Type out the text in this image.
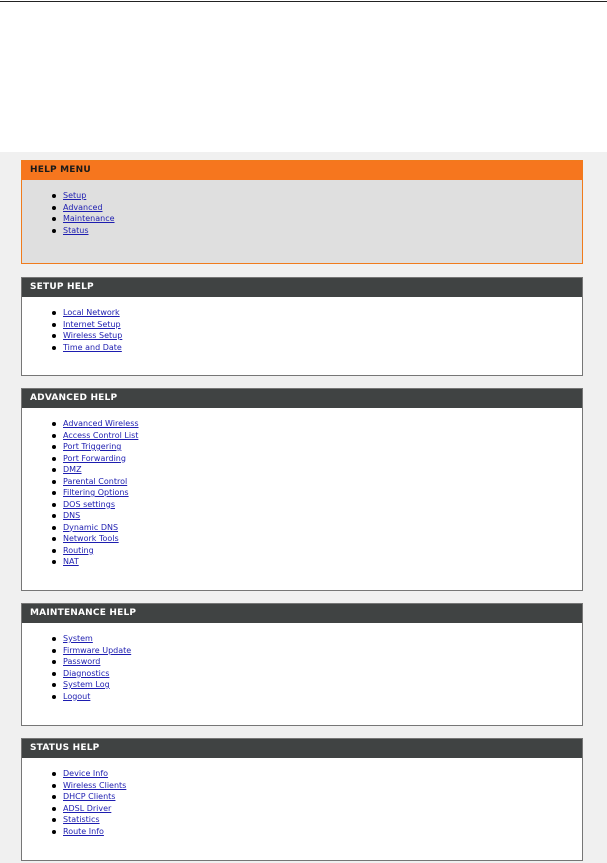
HELP MENU
Setup
Advanced
Maintenance
Status
SETUP HELP
Local Network
Internet Setup
Wireless Setup
Time and Date
ADVANCED HELP
Advanced Wireless
Access Control List
Port Triggering
Port Forwarding
DMZ
Parental Control
Filtering Options
DOS settings
DNS
Dynamic DNS
Network Tools
Routing
NAT
MAINTENANCE HELP
System
Firmware Update
Password
Diagnostics
System Log
Logout
STATUS HELP
Device Info
Wireless Clients
DHCP Clients
ADSL Driver
Statistics
Route Info
